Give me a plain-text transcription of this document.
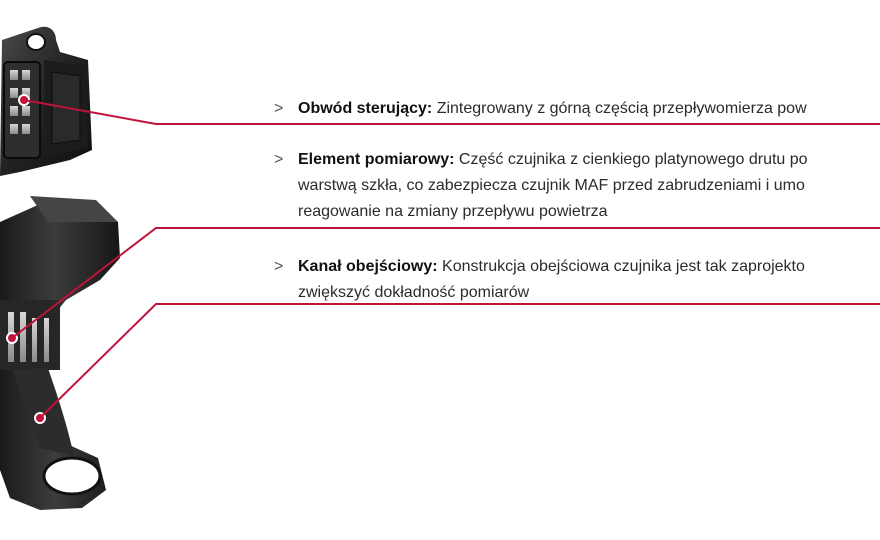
> Obwód sterujący: Zintegrowany z górną częścią przepływomierza pow
> Element pomiarowy: Część czujnika z cienkiego platynowego drutu po
warstwą szkła, co zabezpiecza czujnik MAF przed zabrudzeniami i umo
reagowanie na zmiany przepływu powietrza
> Kanał obejściowy: Konstrukcja obejściowa czujnika jest tak zaprojekto
zwiększyć dokładność pomiarów
